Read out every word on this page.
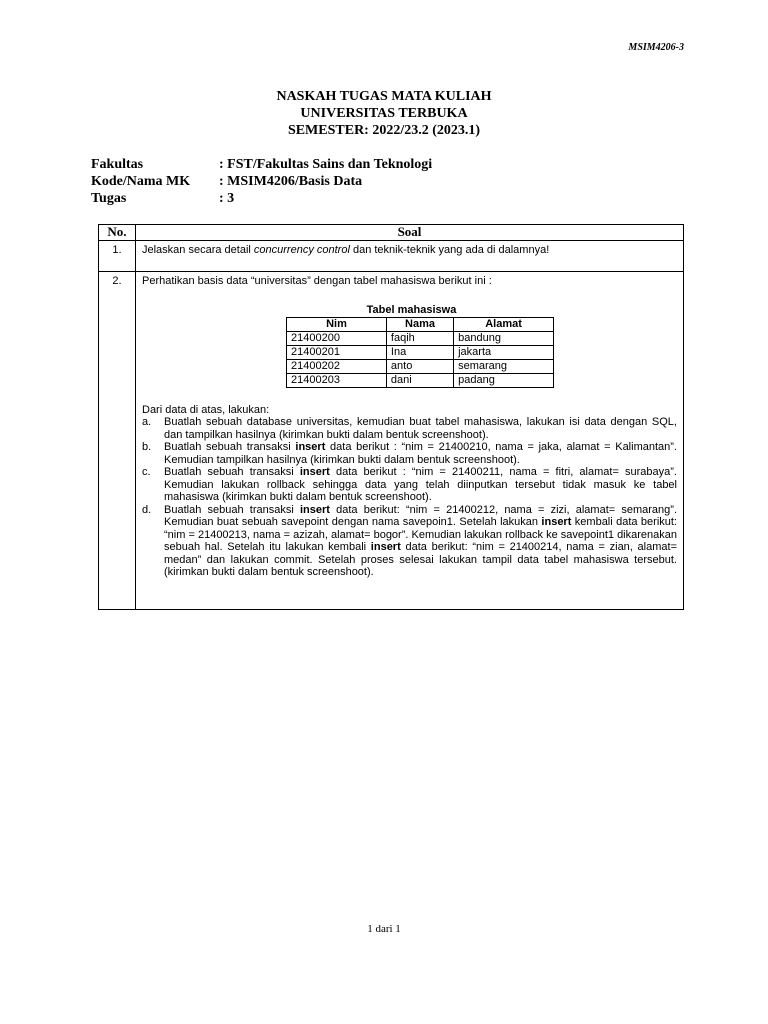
MSIM4206-3
NASKAH TUGAS MATA KULIAH
UNIVERSITAS TERBUKA
SEMESTER: 2022/23.2 (2023.1)
Fakultas	: FST/Fakultas Sains dan Teknologi
Kode/Nama MK	: MSIM4206/Basis Data
Tugas	: 3
No.	Soal
1.	Jelaskan secara detail concurrency control dan teknik-teknik yang ada di dalamnya!
2.	Perhatikan basis data “universitas” dengan tabel mahasiswa berikut ini :
Tabel mahasiswa
Nim	Nama	Alamat
21400200	faqih	bandung
21400201	Ina	jakarta
21400202	anto	semarang
21400203	dani	padang
Dari data di atas, lakukan:
a.	Buatlah sebuah database universitas, kemudian buat tabel mahasiswa, lakukan isi data dengan SQL, dan tampilkan hasilnya (kirimkan bukti dalam bentuk screenshoot).
b.	Buatlah sebuah transaksi insert data berikut : “nim = 21400210, nama = jaka, alamat = Kalimantan”. Kemudian tampilkan hasilnya (kirimkan bukti dalam bentuk screenshoot).
c.	Buatlah sebuah transaksi insert data berikut : “nim = 21400211, nama = fitri, alamat= surabaya”. Kemudian lakukan rollback sehingga data yang telah diinputkan tersebut tidak masuk ke tabel mahasiswa (kirimkan bukti dalam bentuk screenshoot).
d.	Buatlah sebuah transaksi insert data berikut: “nim = 21400212, nama = zizi, alamat= semarang”. Kemudian buat sebuah savepoint dengan nama savepoin1. Setelah lakukan insert kembali data berikut: “nim = 21400213, nama = azizah, alamat= bogor”. Kemudian lakukan rollback ke savepoint1 dikarenakan sebuah hal. Setelah itu lakukan kembali insert data berikut: “nim = 21400214, nama = zian, alamat= medan” dan lakukan commit. Setelah proses selesai lakukan tampil data tabel mahasiswa tersebut. (kirimkan bukti dalam bentuk screenshoot).
1 dari 1
